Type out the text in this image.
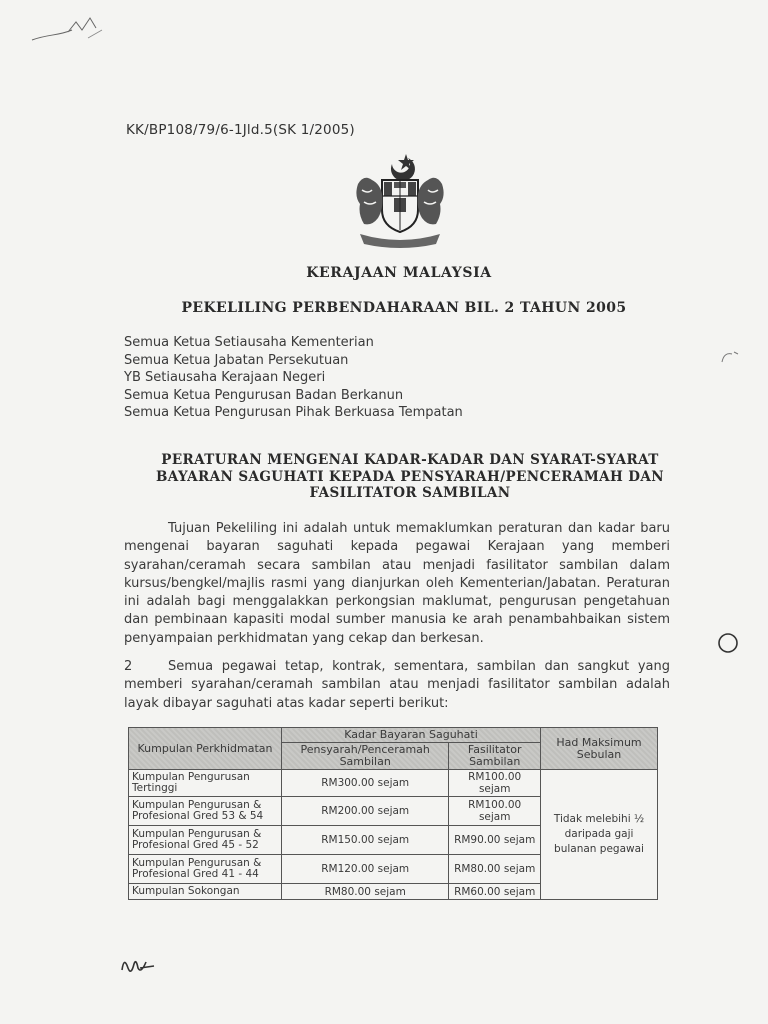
KK/BP108/79/6-1Jld.5(SK 1/2005)
KERAJAAN MALAYSIA
PEKELILING PERBENDAHARAAN BIL. 2 TAHUN 2005
Semua Ketua Setiausaha Kementerian
Semua Ketua Jabatan Persekutuan
YB Setiausaha Kerajaan Negeri
Semua Ketua Pengurusan Badan Berkanun
Semua Ketua Pengurusan Pihak Berkuasa Tempatan
PERATURAN MENGENAI KADAR-KADAR DAN SYARAT-SYARAT
BAYARAN SAGUHATI KEPADA PENSYARAH/PENCERAMAH DAN
FASILITATOR SAMBILAN
Tujuan Pekeliling ini adalah untuk memaklumkan peraturan dan kadar baru mengenai bayaran saguhati kepada pegawai Kerajaan yang memberi syarahan/ceramah secara sambilan atau menjadi fasilitator sambilan dalam kursus/bengkel/majlis rasmi yang dianjurkan oleh Kementerian/Jabatan. Peraturan ini adalah bagi menggalakkan perkongsian maklumat, pengurusan pengetahuan dan pembinaan kapasiti modal sumber manusia ke arah penambahbaikan sistem penyampaian perkhidmatan yang cekap dan berkesan.
2	Semua pegawai tetap, kontrak, sementara, sambilan dan sangkut yang memberi syarahan/ceramah sambilan atau menjadi fasilitator sambilan adalah layak dibayar saguhati atas kadar seperti berikut:
Kumpulan Perkhidmatan	Kadar Bayaran Saguhati		Had Maksimum Sebulan
	Pensyarah/Penceramah Sambilan	Fasilitator Sambilan	
Kumpulan Pengurusan Tertinggi	RM300.00 sejam	RM100.00 sejam	Tidak melebihi ½ daripada gaji bulanan pegawai
Kumpulan Pengurusan & Profesional Gred 53 & 54	RM200.00 sejam	RM100.00 sejam	
Kumpulan Pengurusan & Profesional Gred 45 - 52	RM150.00 sejam	RM90.00 sejam	
Kumpulan Pengurusan & Profesional Gred 41 - 44	RM120.00 sejam	RM80.00 sejam	
Kumpulan Sokongan	RM80.00 sejam	RM60.00 sejam	
